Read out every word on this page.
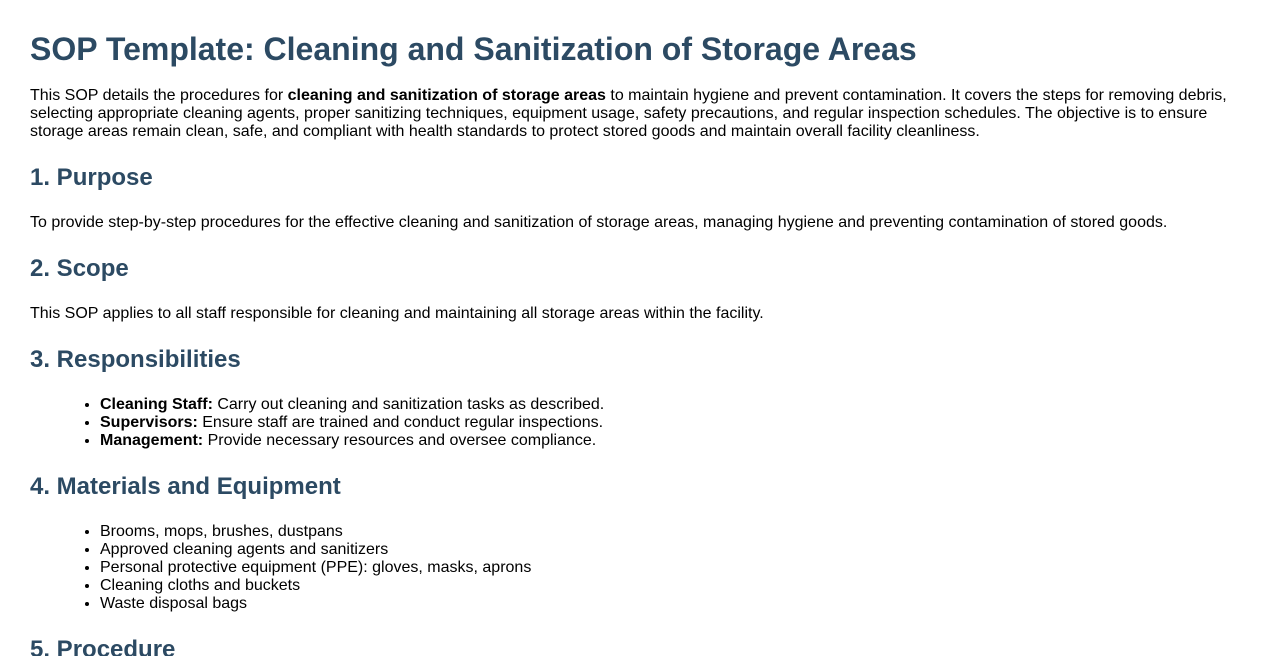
SOP Template: Cleaning and Sanitization of Storage Areas

This SOP details the procedures for cleaning and sanitization of storage areas to maintain hygiene and prevent contamination. It covers the steps for removing debris, selecting appropriate cleaning agents, proper sanitizing techniques, equipment usage, safety precautions, and regular inspection schedules. The objective is to ensure storage areas remain clean, safe, and compliant with health standards to protect stored goods and maintain overall facility cleanliness.

1. Purpose

To provide step-by-step procedures for the effective cleaning and sanitization of storage areas, managing hygiene and preventing contamination of stored goods.

2. Scope

This SOP applies to all staff responsible for cleaning and maintaining all storage areas within the facility.

3. Responsibilities
• Cleaning Staff: Carry out cleaning and sanitization tasks as described.
• Supervisors: Ensure staff are trained and conduct regular inspections.
• Management: Provide necessary resources and oversee compliance.
4. Materials and Equipment
• Brooms, mops, brushes, dustpans
• Approved cleaning agents and sanitizers
• Personal protective equipment (PPE): gloves, masks, aprons
• Cleaning cloths and buckets
• Waste disposal bags
5. Procedure
